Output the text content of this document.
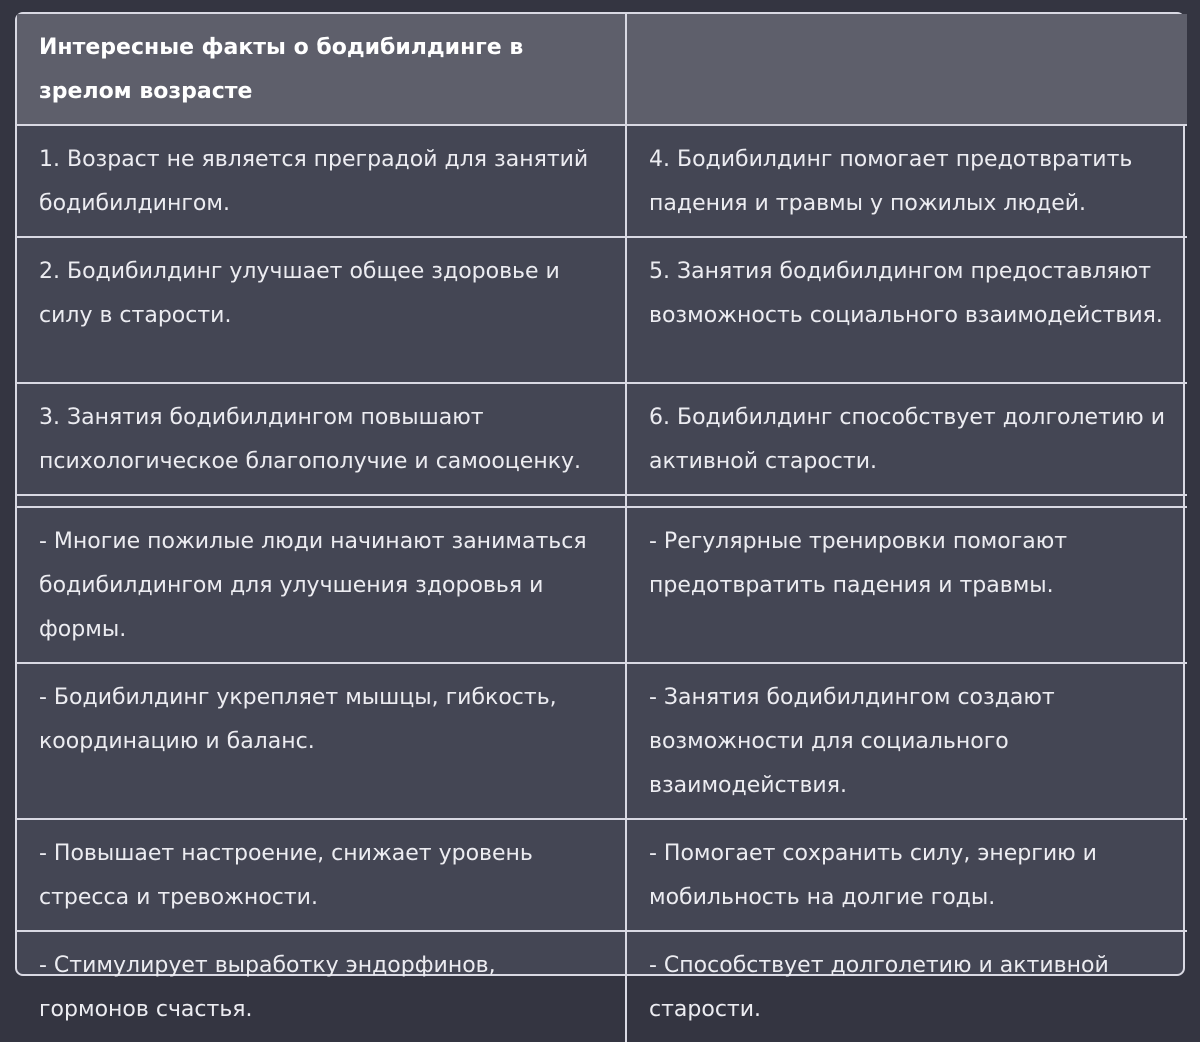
Интересные факты о бодибилдинге в зрелом возрасте	
1. Возраст не является преградой для занятий бодибилдингом.	4. Бодибилдинг помогает предотвратить падения и травмы у пожилых людей.
2. Бодибилдинг улучшает общее здоровье и силу в старости.	5. Занятия бодибилдингом предоставляют возможность социального взаимодействия.
3. Занятия бодибилдингом повышают психологическое благополучие и самооценку.	6. Бодибилдинг способствует долголетию и активной старости.

- Многие пожилые люди начинают заниматься бодибилдингом для улучшения здоровья и формы.	- Регулярные тренировки помогают предотвратить падения и травмы.
- Бодибилдинг укрепляет мышцы, гибкость, координацию и баланс.	- Занятия бодибилдингом создают возможности для социального взаимодействия.
- Повышает настроение, снижает уровень стресса и тревожности.	- Помогает сохранить силу, энергию и мобильность на долгие годы.
- Стимулирует выработку эндорфинов, гормонов счастья.	- Способствует долголетию и активной старости.
